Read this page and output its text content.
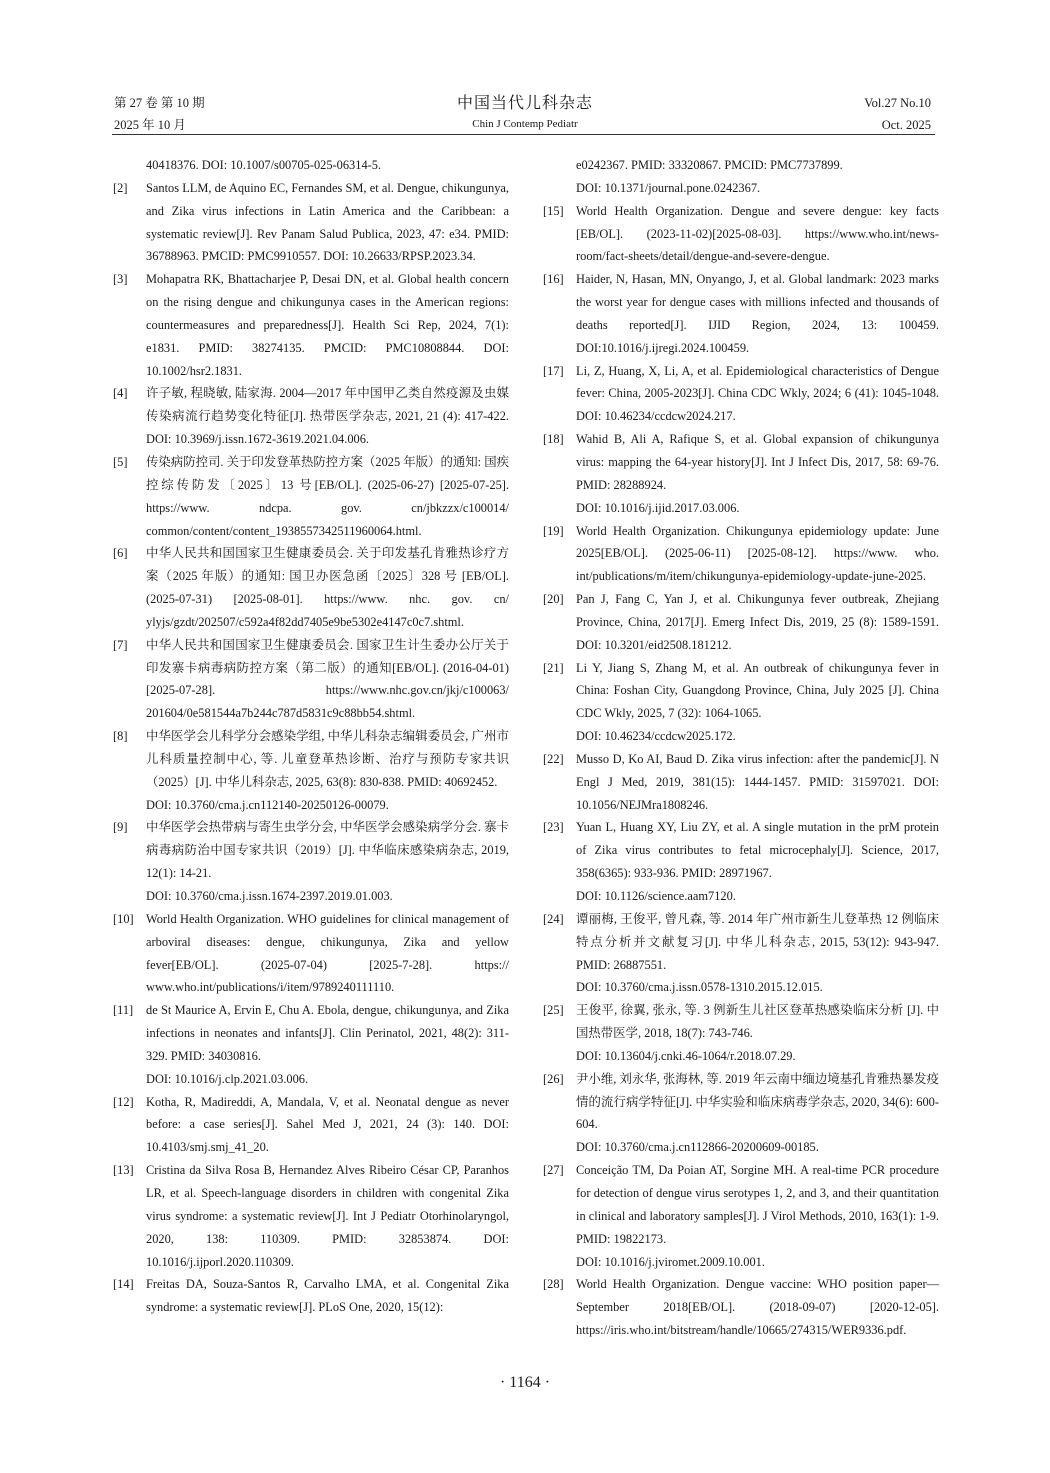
第 27 卷 第 10 期
2025 年 10 月
中国当代儿科杂志
Chin J Contemp Pediatr
Vol.27 No.10
Oct. 2025

40418376. DOI: 10.1007/s00705-025-06314-5.

[2] Santos LLM, de Aquino EC, Fernandes SM, et al. Dengue, chikungunya, and Zika virus infections in Latin America and the Caribbean: a systematic review[J]. Rev Panam Salud Publica, 2023, 47: e34. PMID: 36788963. PMCID: PMC9910557. DOI: 10.26633/RPSP.2023.34.

[3] Mohapatra RK, Bhattacharjee P, Desai DN, et al. Global health concern on the rising dengue and chikungunya cases in the American regions: countermeasures and preparedness[J]. Health Sci Rep, 2024, 7(1): e1831. PMID: 38274135. PMCID: PMC10808844. DOI: 10.1002/hsr2.1831.

[4] 许子敏, 程晓敏, 陆家海. 2004—2017 年中国甲乙类自然疫源及虫媒传染病流行趋势变化特征[J]. 热带医学杂志, 2021, 21 (4): 417-422. DOI: 10.3969/j.issn.1672-3619.2021.04.006.

[5] 传染病防控司. 关于印发登革热防控方案（2025 年版）的通知: 国疾控综传防发〔2025〕13 号[EB/OL]. (2025-06-27) [2025-07-25]. https://www. ndcpa. gov. cn/jbkzzx/c100014/ common/content/content_1938557342511960064.html.

[6] 中华人民共和国国家卫生健康委员会. 关于印发基孔肯雅热诊疗方案（2025 年版）的通知: 国卫办医急函〔2025〕328 号 [EB/OL]. (2025-07-31) [2025-08-01]. https://www. nhc. gov. cn/ ylyjs/gzdt/202507/c592a4f82dd7405e9be5302e4147c0c7.shtml.

[7] 中华人民共和国国家卫生健康委员会. 国家卫生计生委办公厅关于印发寨卡病毒病防控方案（第二版）的通知[EB/OL]. (2016-04-01)[2025-07-28]. https://www.nhc.gov.cn/jkj/c100063/ 201604/0e581544a7b244c787d5831c9c88bb54.shtml.

[8] 中华医学会儿科学分会感染学组, 中华儿科杂志编辑委员会, 广州市儿科质量控制中心, 等. 儿童登革热诊断、治疗与预防专家共识（2025）[J]. 中华儿科杂志, 2025, 63(8): 830-838. PMID: 40692452.

DOI: 10.3760/cma.j.cn112140-20250126-00079.

[9] 中华医学会热带病与寄生虫学分会, 中华医学会感染病学分会. 寨卡病毒病防治中国专家共识（2019）[J]. 中华临床感染病杂志, 2019, 12(1): 14-21.

DOI: 10.3760/cma.j.issn.1674-2397.2019.01.003.

[10] World Health Organization. WHO guidelines for clinical management of arboviral diseases: dengue, chikungunya, Zika and yellow fever[EB/OL]. (2025-07-04) [2025-7-28]. https:// www.who.int/publications/i/item/9789240111110.

[11] de St Maurice A, Ervin E, Chu A. Ebola, dengue, chikungunya, and Zika infections in neonates and infants[J]. Clin Perinatol, 2021, 48(2): 311-329. PMID: 34030816.

DOI: 10.1016/j.clp.2021.03.006.

[12] Kotha, R, Madireddi, A, Mandala, V, et al. Neonatal dengue as never before: a case series[J]. Sahel Med J, 2021, 24 (3): 140. DOI: 10.4103/smj.smj_41_20.

[13] Cristina da Silva Rosa B, Hernandez Alves Ribeiro César CP, Paranhos LR, et al. Speech-language disorders in children with congenital Zika virus syndrome: a systematic review[J]. Int J Pediatr Otorhinolaryngol, 2020, 138: 110309. PMID: 32853874. DOI: 10.1016/j.ijporl.2020.110309.

[14] Freitas DA, Souza-Santos R, Carvalho LMA, et al. Congenital Zika syndrome: a systematic review[J]. PLoS One, 2020, 15(12):

e0242367. PMID: 33320867. PMCID: PMC7737899.

DOI: 10.1371/journal.pone.0242367.

[15] World Health Organization. Dengue and severe dengue: key facts [EB/OL]. (2023-11-02)[2025-08-03]. https://www.who.int/news-room/fact-sheets/detail/dengue-and-severe-dengue.

[16] Haider, N, Hasan, MN, Onyango, J, et al. Global landmark: 2023 marks the worst year for dengue cases with millions infected and thousands of deaths reported[J]. IJID Region, 2024, 13: 100459. DOI:10.1016/j.ijregi.2024.100459.

[17] Li, Z, Huang, X, Li, A, et al. Epidemiological characteristics of Dengue fever: China, 2005-2023[J]. China CDC Wkly, 2024; 6 (41): 1045-1048. DOI: 10.46234/ccdcw2024.217.

[18] Wahid B, Ali A, Rafique S, et al. Global expansion of chikungunya virus: mapping the 64-year history[J]. Int J Infect Dis, 2017, 58: 69-76. PMID: 28288924.

DOI: 10.1016/j.ijid.2017.03.006.

[19] World Health Organization. Chikungunya epidemiology update: June 2025[EB/OL]. (2025-06-11) [2025-08-12]. https://www. who. int/publications/m/item/chikungunya-epidemiology-update-june-2025.

[20] Pan J, Fang C, Yan J, et al. Chikungunya fever outbreak, Zhejiang Province, China, 2017[J]. Emerg Infect Dis, 2019, 25 (8): 1589-1591. DOI: 10.3201/eid2508.181212.

[21] Li Y, Jiang S, Zhang M, et al. An outbreak of chikungunya fever in China: Foshan City, Guangdong Province, China, July 2025 [J]. China CDC Wkly, 2025, 7 (32): 1064-1065.

DOI: 10.46234/ccdcw2025.172.

[22] Musso D, Ko AI, Baud D. Zika virus infection: after the pandemic[J]. N Engl J Med, 2019, 381(15): 1444-1457. PMID: 31597021. DOI: 10.1056/NEJMra1808246.

[23] Yuan L, Huang XY, Liu ZY, et al. A single mutation in the prM protein of Zika virus contributes to fetal microcephaly[J]. Science, 2017, 358(6365): 933-936. PMID: 28971967.

DOI: 10.1126/science.aam7120.

[24] 谭丽梅, 王俊平, 曾凡森, 等. 2014 年广州市新生儿登革热 12 例临床特点分析并文献复习[J]. 中华儿科杂志, 2015, 53(12): 943-947. PMID: 26887551.

DOI: 10.3760/cma.j.issn.0578-1310.2015.12.015.

[25] 王俊平, 徐翼, 张永, 等. 3 例新生儿社区登革热感染临床分析 [J]. 中国热带医学, 2018, 18(7): 743-746.

DOI: 10.13604/j.cnki.46-1064/r.2018.07.29.

[26] 尹小维, 刘永华, 张海林, 等. 2019 年云南中缅边境基孔肯雅热暴发疫情的流行病学特征[J]. 中华实验和临床病毒学杂志, 2020, 34(6): 600-604.

DOI: 10.3760/cma.j.cn112866-20200609-00185.

[27] Conceição TM, Da Poian AT, Sorgine MH. A real-time PCR procedure for detection of dengue virus serotypes 1, 2, and 3, and their quantitation in clinical and laboratory samples[J]. J Virol Methods, 2010, 163(1): 1-9. PMID: 19822173.

DOI: 10.1016/j.jviromet.2009.10.001.

[28] World Health Organization. Dengue vaccine: WHO position paper—September 2018[EB/OL]. (2018-09-07) [2020-12-05]. https://iris.who.int/bitstream/handle/10665/274315/WER9336.pdf.

· 1164 ·
